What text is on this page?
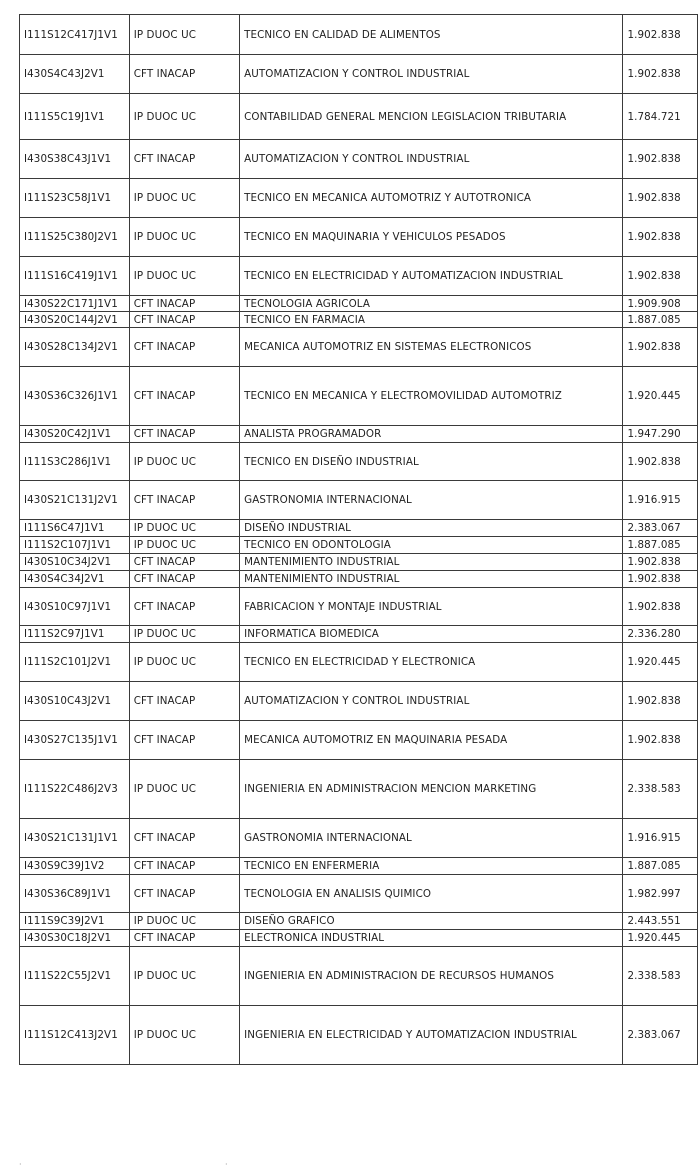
I111S12C417J1V1	IP DUOC UC	TECNICO EN CALIDAD DE ALIMENTOS	1.902.838
I430S4C43J2V1	CFT INACAP	AUTOMATIZACION Y CONTROL INDUSTRIAL	1.902.838
I111S5C19J1V1	IP DUOC UC	CONTABILIDAD GENERAL MENCION LEGISLACION TRIBUTARIA	1.784.721
I430S38C43J1V1	CFT INACAP	AUTOMATIZACION Y CONTROL INDUSTRIAL	1.902.838
I111S23C58J1V1	IP DUOC UC	TECNICO EN MECANICA AUTOMOTRIZ Y AUTOTRONICA	1.902.838
I111S25C380J2V1	IP DUOC UC	TECNICO EN MAQUINARIA Y VEHICULOS PESADOS	1.902.838
I111S16C419J1V1	IP DUOC UC	TECNICO EN ELECTRICIDAD Y AUTOMATIZACION INDUSTRIAL	1.902.838
I430S22C171J1V1	CFT INACAP	TECNOLOGIA AGRICOLA	1.909.908
I430S20C144J2V1	CFT INACAP	TECNICO EN FARMACIA	1.887.085
I430S28C134J2V1	CFT INACAP	MECANICA AUTOMOTRIZ EN SISTEMAS ELECTRONICOS	1.902.838
I430S36C326J1V1	CFT INACAP	TECNICO EN MECANICA Y ELECTROMOVILIDAD AUTOMOTRIZ	1.920.445
I430S20C42J1V1	CFT INACAP	ANALISTA PROGRAMADOR	1.947.290
I111S3C286J1V1	IP DUOC UC	TECNICO EN DISEÑO INDUSTRIAL	1.902.838
I430S21C131J2V1	CFT INACAP	GASTRONOMIA INTERNACIONAL	1.916.915
I111S6C47J1V1	IP DUOC UC	DISEÑO INDUSTRIAL	2.383.067
I111S2C107J1V1	IP DUOC UC	TECNICO EN ODONTOLOGIA	1.887.085
I430S10C34J2V1	CFT INACAP	MANTENIMIENTO INDUSTRIAL	1.902.838
I430S4C34J2V1	CFT INACAP	MANTENIMIENTO INDUSTRIAL	1.902.838
I430S10C97J1V1	CFT INACAP	FABRICACION Y MONTAJE INDUSTRIAL	1.902.838
I111S2C97J1V1	IP DUOC UC	INFORMATICA BIOMEDICA	2.336.280
I111S2C101J2V1	IP DUOC UC	TECNICO EN ELECTRICIDAD Y ELECTRONICA	1.920.445
I430S10C43J2V1	CFT INACAP	AUTOMATIZACION Y CONTROL INDUSTRIAL	1.902.838
I430S27C135J1V1	CFT INACAP	MECANICA AUTOMOTRIZ EN MAQUINARIA PESADA	1.902.838
I111S22C486J2V3	IP DUOC UC	INGENIERIA EN ADMINISTRACION MENCION MARKETING	2.338.583
I430S21C131J1V1	CFT INACAP	GASTRONOMIA INTERNACIONAL	1.916.915
I430S9C39J1V2	CFT INACAP	TECNICO EN ENFERMERIA	1.887.085
I430S36C89J1V1	CFT INACAP	TECNOLOGIA EN ANALISIS QUIMICO	1.982.997
I111S9C39J2V1	IP DUOC UC	DISEÑO GRAFICO	2.443.551
I430S30C18J2V1	CFT INACAP	ELECTRONICA INDUSTRIAL	1.920.445
I111S22C55J2V1	IP DUOC UC	INGENIERIA EN ADMINISTRACION DE RECURSOS HUMANOS	2.338.583
I111S12C413J2V1	IP DUOC UC	INGENIERIA EN ELECTRICIDAD Y AUTOMATIZACION INDUSTRIAL	2.383.067
·	·
